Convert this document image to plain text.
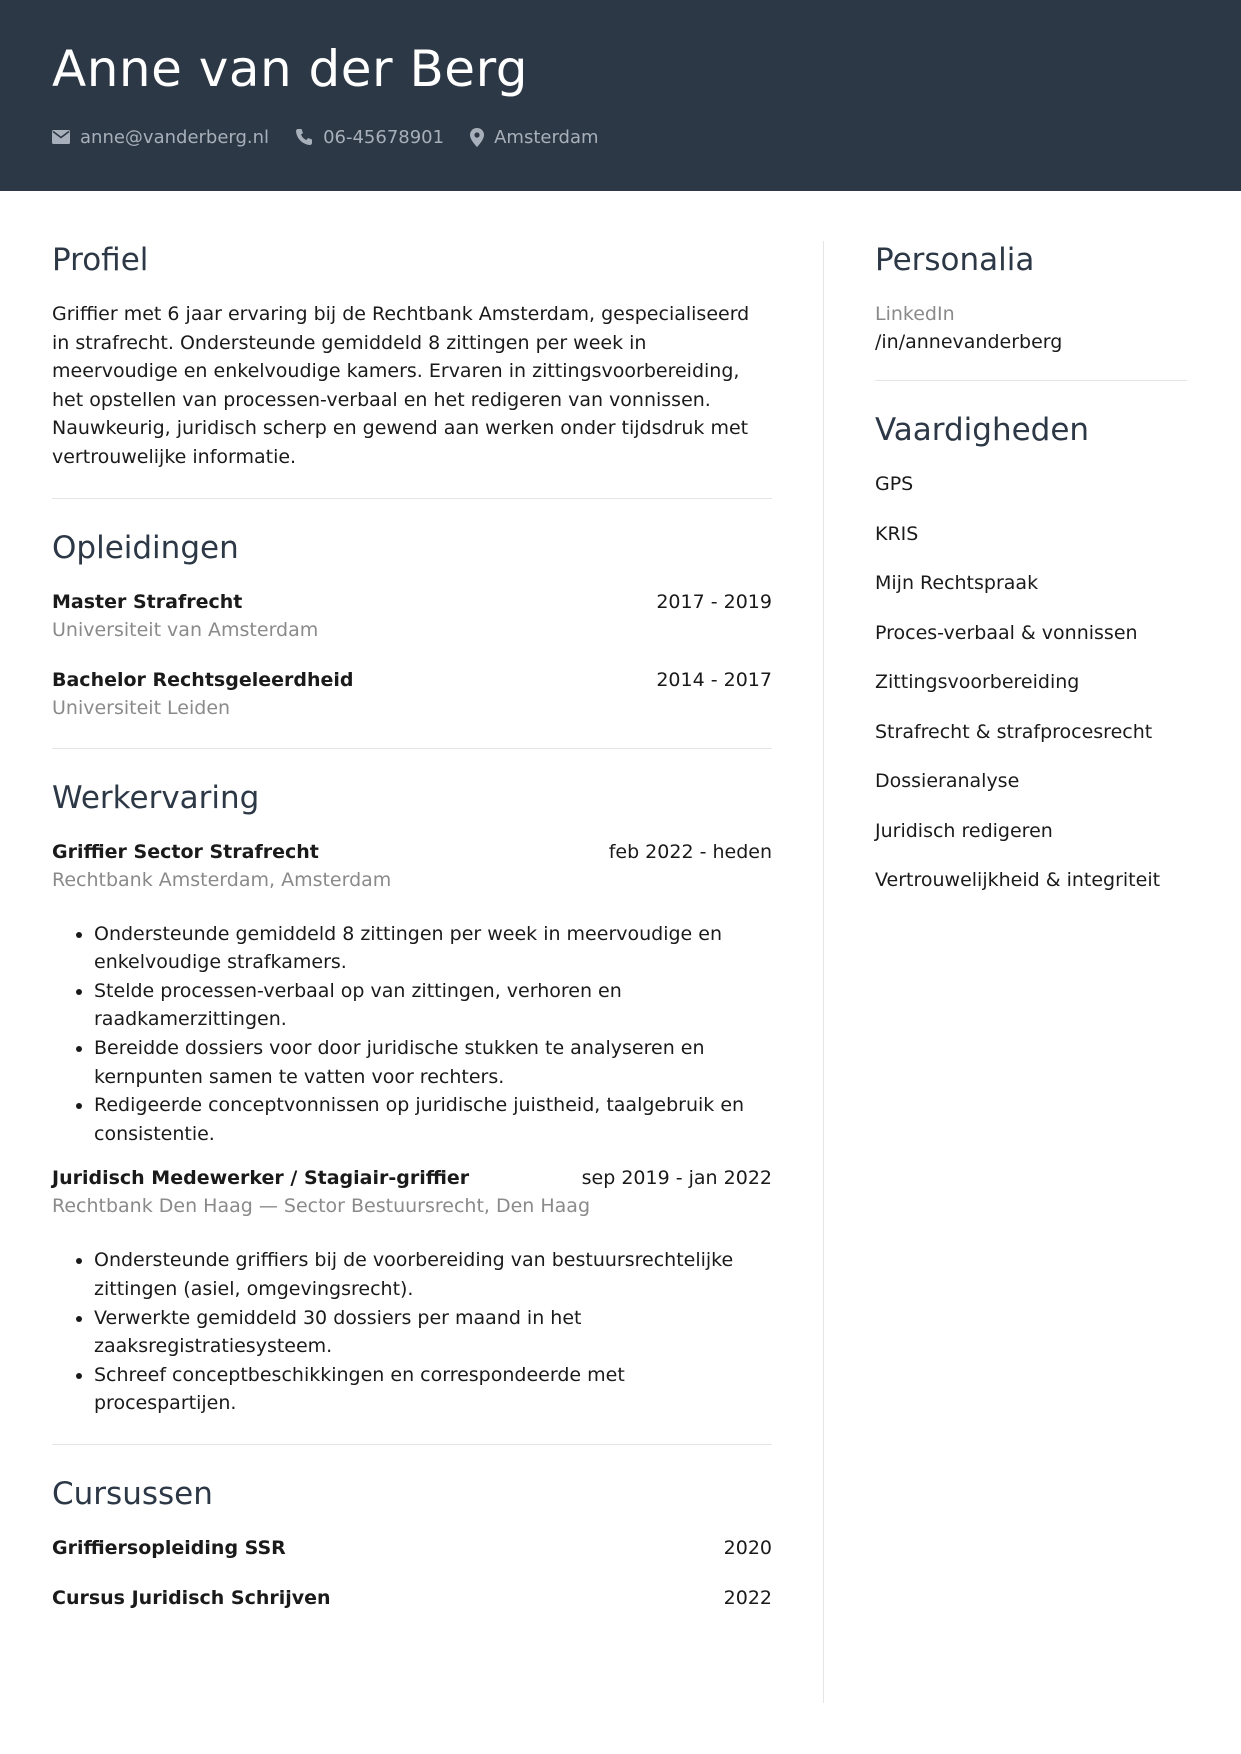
Anne van der Berg
anne@vanderberg.nl	06-45678901	Amsterdam
Profiel

Griffier met 6 jaar ervaring bij de Rechtbank Amsterdam, gespecialiseerd in strafrecht. Ondersteunde gemiddeld 8 zittingen per week in meervoudige en enkelvoudige kamers. Ervaren in zittingsvoorbereiding, het opstellen van processen-verbaal en het redigeren van vonnissen. Nauwkeurig, juridisch scherp en gewend aan werken onder tijdsdruk met vertrouwelijke informatie.

Opleidingen
Master Strafrecht	2017 - 2019
Universiteit van Amsterdam
Bachelor Rechtsgeleerdheid	2014 - 2017
Universiteit Leiden
Werkervaring
Griffier Sector Strafrecht	feb 2022 - heden
Rechtbank Amsterdam, Amsterdam
• Ondersteunde gemiddeld 8 zittingen per week in meervoudige en enkelvoudige strafkamers.
• Stelde processen-verbaal op van zittingen, verhoren en raadkamerzittingen.
• Bereidde dossiers voor door juridische stukken te analyseren en kernpunten samen te vatten voor rechters.
• Redigeerde conceptvonnissen op juridische juistheid, taalgebruik en consistentie.
Juridisch Medewerker / Stagiair-griffier	sep 2019 - jan 2022
Rechtbank Den Haag — Sector Bestuursrecht, Den Haag
• Ondersteunde griffiers bij de voorbereiding van bestuursrechtelijke zittingen (asiel, omgevingsrecht).
• Verwerkte gemiddeld 30 dossiers per maand in het zaaksregistratiesysteem.
• Schreef conceptbeschikkingen en correspondeerde met procespartijen.
Cursussen
Griffiersopleiding SSR	2020
Cursus Juridisch Schrijven	2022
Personalia
LinkedIn
/in/annevanderberg
Vaardigheden
GPS
KRIS
Mijn Rechtspraak
Proces-verbaal & vonnissen
Zittingsvoorbereiding
Strafrecht & strafprocesrecht
Dossieranalyse
Juridisch redigeren
Vertrouwelijkheid & integriteit
